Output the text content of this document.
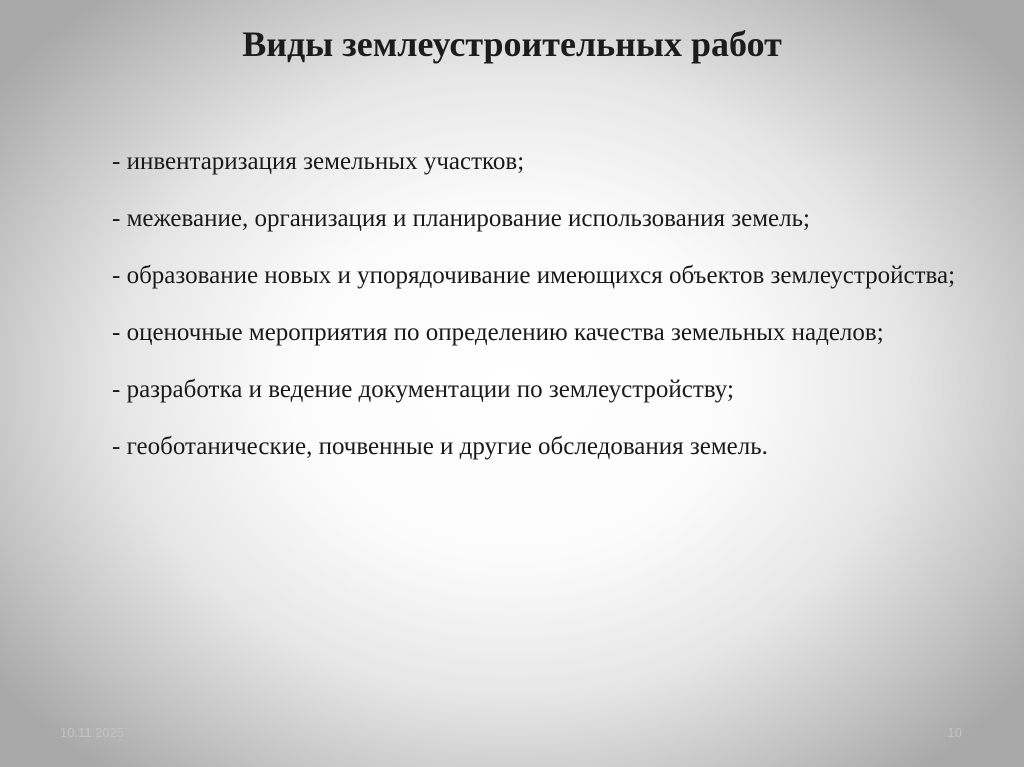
Виды землеустроительных работ
- инвентаризация земельных участков;
- межевание, организация и планирование использования земель;
- образование новых и упорядочивание имеющихся объектов землеустройства;
- оценочные мероприятия по определению качества земельных наделов;
- разработка и ведение документации по землеустройству;
- геоботанические, почвенные и другие обследования земель.
10.11.2025	10
